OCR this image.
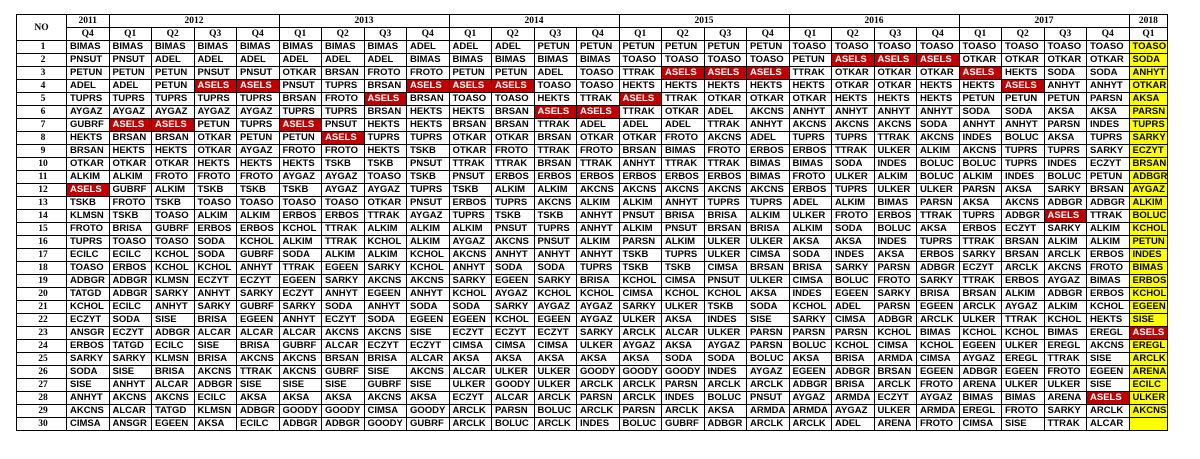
NO	2011	2012				2013				2014				2015				2016				2017				2018
	Q4	Q1	Q2	Q3	Q4	Q1	Q2	Q3	Q4	Q1	Q2	Q3	Q4	Q1	Q2	Q3	Q4	Q1	Q2	Q3	Q4	Q1	Q2	Q3	Q4	Q1
1	BIMAS	BIMAS	BIMAS	BIMAS	BIMAS	BIMAS	BIMAS	BIMAS	ADEL	ADEL	ADEL	PETUN	PETUN	PETUN	PETUN	PETUN	PETUN	TOASO	TOASO	TOASO	TOASO	TOASO	TOASO	TOASO	TOASO	TOASO
2	PNSUT	PNSUT	ADEL	ADEL	ADEL	ADEL	ADEL	ADEL	BIMAS	BIMAS	BIMAS	BIMAS	BIMAS	TOASO	TOASO	TOASO	TOASO	PETUN	ASELS	ASELS	ASELS	OTKAR	OTKAR	OTKAR	OTKAR	SODA
3	PETUN	PETUN	PETUN	PNSUT	PNSUT	OTKAR	BRSAN	FROTO	FROTO	PETUN	PETUN	ADEL	TOASO	TTRAK	ASELS	ASELS	ASELS	TTRAK	OTKAR	OTKAR	OTKAR	ASELS	HEKTS	SODA	SODA	ANHYT
4	ADEL	ADEL	PETUN	ASELS	ASELS	PNSUT	TUPRS	BRSAN	ASELS	ASELS	ASELS	TOASO	TOASO	HEKTS	HEKTS	HEKTS	HEKTS	HEKTS	OTKAR	OTKAR	HEKTS	HEKTS	ASELS	ANHYT	ANHYT	OTKAR
5	TUPRS	TUPRS	TUPRS	TUPRS	TUPRS	BRSAN	FROTO	ASELS	BRSAN	TOASO	TOASO	HEKTS	TTRAK	ASELS	TTRAK	OTKAR	OTKAR	OTKAR	HEKTS	HEKTS	HEKTS	PETUN	PETUN	PETUN	PARSN	AKSA
6	AYGAZ	AYGAZ	AYGAZ	AYGAZ	AYGAZ	TUPRS	TUPRS	BRSAN	HEKTS	HEKTS	BRSAN	ASELS	ASELS	TTRAK	OTKAR	ADEL	AKCNS	ANHYT	ANHYT	ANHYT	ANHYT	SODA	SODA	AKSA	AKSA	PARSN
7	GUBRF	ASELS	ASELS	PETUN	TUPRS	ASELS	PNSUT	HEKTS	HEKTS	BRSAN	BRSAN	TTRAK	ADEL	ADEL	ADEL	TTRAK	ANHYT	AKCNS	AKCNS	AKCNS	SODA	ANHYT	ANHYT	PARSN	INDES	TUPRS
8	HEKTS	BRSAN	BRSAN	OTKAR	PETUN	PETUN	ASELS	TUPRS	TUPRS	OTKAR	OTKAR	BRSAN	OTKAR	OTKAR	FROTO	AKCNS	ADEL	TUPRS	TUPRS	TTRAK	AKCNS	INDES	BOLUC	AKSA	TUPRS	SARKY
9	BRSAN	HEKTS	HEKTS	OTKAR	AYGAZ	FROTO	FROTO	HEKTS	TSKB	OTKAR	FROTO	TTRAK	FROTO	BRSAN	BIMAS	FROTO	ERBOS	ERBOS	TTRAK	ULKER	ALKIM	AKCNS	TUPRS	TUPRS	SARKY	ECZYT
10	OTKAR	OTKAR	OTKAR	HEKTS	HEKTS	HEKTS	TSKB	TSKB	PNSUT	TTRAK	TTRAK	BRSAN	TTRAK	ANHYT	TTRAK	TTRAK	BIMAS	BIMAS	SODA	INDES	BOLUC	BOLUC	TUPRS	INDES	ECZYT	BRSAN
11	ALKIM	ALKIM	FROTO	FROTO	FROTO	AYGAZ	AYGAZ	TOASO	TSKB	PNSUT	ERBOS	ERBOS	ERBOS	ERBOS	ERBOS	ERBOS	BIMAS	FROTO	ULKER	ALKIM	BOLUC	ALKIM	INDES	BOLUC	PETUN	ADBGR
12	ASELS	GUBRF	ALKIM	TSKB	TSKB	TSKB	AYGAZ	AYGAZ	TUPRS	TSKB	ALKIM	ALKIM	AKCNS	AKCNS	AKCNS	AKCNS	AKCNS	ERBOS	TUPRS	ULKER	ULKER	PARSN	AKSA	SARKY	BRSAN	AYGAZ
13	TSKB	FROTO	TSKB	TOASO	TOASO	TOASO	TOASO	OTKAR	PNSUT	ERBOS	TUPRS	AKCNS	ALKIM	ALKIM	ANHYT	TUPRS	TUPRS	ADEL	ALKIM	BIMAS	PARSN	AKSA	AKCNS	ADBGR	ADBGR	ALKIM
14	KLMSN	TSKB	TOASO	ALKIM	ALKIM	ERBOS	ERBOS	TTRAK	AYGAZ	TUPRS	TSKB	TSKB	ANHYT	PNSUT	BRISA	BRISA	ALKIM	ULKER	FROTO	ERBOS	TTRAK	TUPRS	ADBGR	ASELS	TTRAK	BOLUC
15	FROTO	BRISA	GUBRF	ERBOS	ERBOS	KCHOL	TTRAK	ALKIM	ALKIM	ALKIM	PNSUT	TUPRS	ANHYT	ALKIM	PNSUT	BRSAN	BRISA	ALKIM	SODA	BOLUC	AKSA	ERBOS	ECZYT	SARKY	ALKIM	KCHOL
16	TUPRS	TOASO	TOASO	SODA	KCHOL	ALKIM	TTRAK	KCHOL	ALKIM	AYGAZ	AKCNS	PNSUT	ALKIM	PARSN	ALKIM	ULKER	ULKER	AKSA	AKSA	INDES	TUPRS	TTRAK	BRSAN	ALKIM	ALKIM	PETUN
17	ECILC	ECILC	KCHOL	SODA	GUBRF	SODA	ALKIM	ALKIM	KCHOL	AKCNS	ANHYT	ANHYT	ANHYT	TSKB	TUPRS	ULKER	CIMSA	SODA	INDES	AKSA	ERBOS	SARKY	BRSAN	ARCLK	ERBOS	INDES
18	TOASO	ERBOS	KCHOL	KCHOL	ANHYT	TTRAK	EGEEN	SARKY	KCHOL	ANHYT	SODA	SODA	TUPRS	TSKB	TSKB	CIMSA	BRSAN	BRISA	SARKY	PARSN	ADBGR	ECZYT	ARCLK	AKCNS	FROTO	BIMAS
19	ADBGR	ADBGR	KLMSN	ECZYT	ECZYT	EGEEN	SARKY	AKCNS	AKCNS	SARKY	EGEEN	SARKY	BRISA	KCHOL	CIMSA	PNSUT	ULKER	CIMSA	BOLUC	FROTO	SARKY	TTRAK	ERBOS	AYGAZ	BIMAS	ERBOS
20	TATGD	ADBGR	SARKY	ANHYT	SARKY	ECZYT	ANHYT	EGEEN	ANHYT	KCHOL	AYGAZ	KCHOL	KCHOL	CIMSA	KCHOL	KCHOL	AKSA	INDES	EGEEN	SARKY	BRISA	BRSAN	ALKIM	ADBGR	ERBOS	KCHOL
21	KCHOL	ECILC	ANHYT	SARKY	GUBRF	SARKY	SODA	ANHYT	SODA	SODA	SARKY	AYGAZ	AYGAZ	SARKY	ULKER	TSKB	SODA	KCHOL	ADEL	PARSN	EGEEN	ARCLK	AYGAZ	ALKIM	KCHOL	EGEEN
22	ECZYT	SODA	SISE	BRISA	EGEEN	ANHYT	ECZYT	SODA	EGEEN	EGEEN	KCHOL	EGEEN	AYGAZ	ULKER	AKSA	INDES	SISE	SARKY	CIMSA	ADBGR	ARCLK	ULKER	TTRAK	KCHOL	HEKTS	SISE
23	ANSGR	ECZYT	ADBGR	ALCAR	ALCAR	ALCAR	AKCNS	AKCNS	SISE	ECZYT	ECZYT	ECZYT	SARKY	ARCLK	ALCAR	ULKER	PARSN	PARSN	PARSN	KCHOL	BIMAS	KCHOL	KCHOL	BIMAS	EREGL	ASELS
24	ERBOS	TATGD	ECILC	SISE	BRISA	GUBRF	ALCAR	ECZYT	ECZYT	CIMSA	CIMSA	CIMSA	ULKER	AYGAZ	AKSA	AYGAZ	PARSN	BOLUC	KCHOL	CIMSA	KCHOL	EGEEN	ULKER	EREGL	AKCNS	EREGL
25	SARKY	SARKY	KLMSN	BRISA	AKCNS	AKCNS	BRSAN	BRISA	ALCAR	AKSA	AKSA	AKSA	AKSA	AKSA	SODA	SODA	BOLUC	AKSA	BRISA	ARMDA	CIMSA	AYGAZ	EREGL	TTRAK	SISE	ARCLK
26	SODA	SISE	BRISA	AKCNS	TTRAK	AKCNS	GUBRF	SISE	AKCNS	ALCAR	ULKER	ULKER	GOODY	GOODY	GOODY	INDES	AYGAZ	EGEEN	ADBGR	BRSAN	EGEEN	ADBGR	EGEEN	FROTO	EGEEN	ARENA
27	SISE	ANHYT	ALCAR	ADBGR	SISE	SISE	SISE	GUBRF	SISE	ULKER	GOODY	ULKER	ARCLK	ARCLK	PARSN	ARCLK	ARCLK	ADBGR	BRISA	ARCLK	FROTO	ARENA	ULKER	ULKER	SISE	ECILC
28	ANHYT	AKCNS	AKCNS	ECILC	AKSA	AKSA	AKSA	AKCNS	AKSA	ECZYT	ALCAR	ARCLK	PARSN	ARCLK	INDES	BOLUC	PNSUT	AYGAZ	ARMDA	ECZYT	AYGAZ	BIMAS	BIMAS	ARENA	ASELS	ULKER
29	AKCNS	ALCAR	TATGD	KLMSN	ADBGR	GOODY	GOODY	CIMSA	GOODY	ARCLK	PARSN	BOLUC	ARCLK	PARSN	ARCLK	AKSA	ARMDA	ARMDA	AYGAZ	ULKER	ARMDA	EREGL	FROTO	SARKY	ARCLK	AKCNS
30	CIMSA	ANSGR	EGEEN	AKSA	ECILC	ADBGR	ADBGR	GOODY	GUBRF	ARCLK	BOLUC	ARCLK	INDES	BOLUC	GUBRF	ADBGR	ARCLK	ARCLK	ADEL	ARENA	FROTO	CIMSA	SISE	TTRAK	ALCAR	
